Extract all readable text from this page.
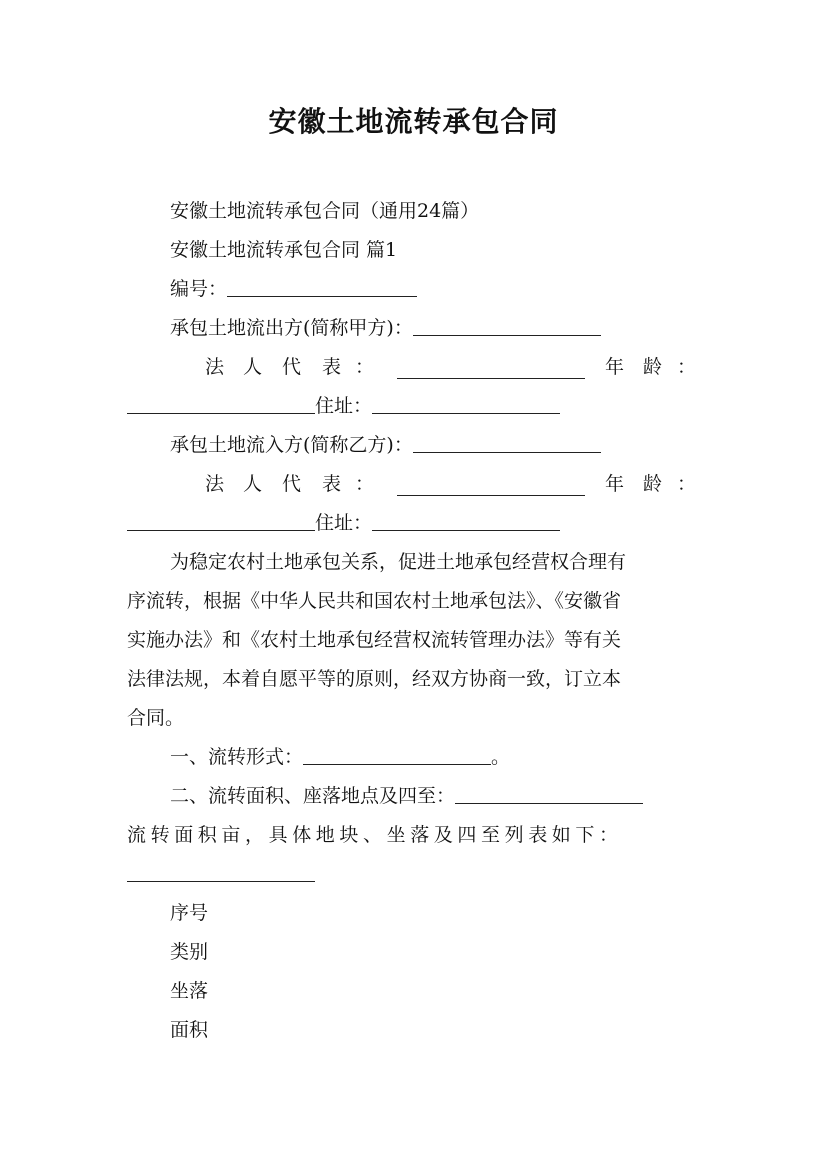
安徽土地流转承包合同
安徽土地流转承包合同（通用24篇）
安徽土地流转承包合同 篇1
编号：
承包土地流出方(简称甲方)：
法 人 代 表 ：	年 龄 ：
住址：
承包土地流入方(简称乙方)：
法 人 代 表 ：	年 龄 ：
住址：
为稳定农村土地承包关系，促进土地承包经营权合理有
序流转，根据《中华人民共和国农村土地承包法》、《安徽省
实施办法》和《农村土地承包经营权流转管理办法》等有关
法律法规，本着自愿平等的原则，经双方协商一致，订立本
合同。
一、流转形式：	。
二、流转面积、座落地点及四至：
流转面积亩，具体地块、坐落及四至列表如下：
序号
类别
坐落
面积
